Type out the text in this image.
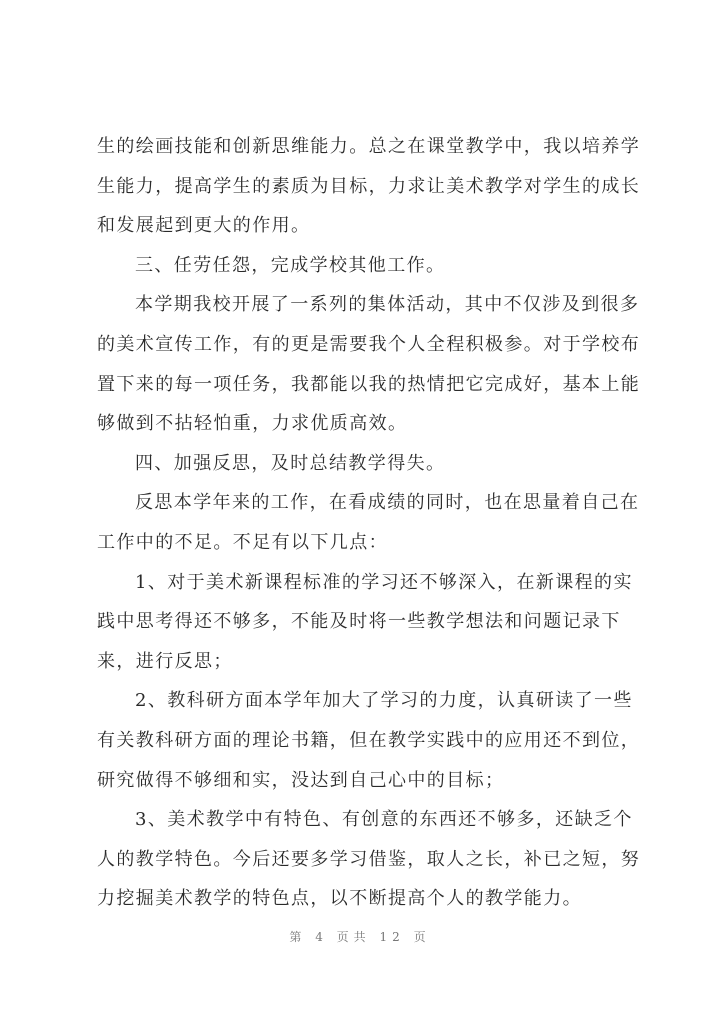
生的绘画技能和创新思维能力。总之在课堂教学中，我以培养学
生能力，提高学生的素质为目标，力求让美术教学对学生的成长
和发展起到更大的作用。
三、任劳任怨，完成学校其他工作。
本学期我校开展了一系列的集体活动，其中不仅涉及到很多
的美术宣传工作，有的更是需要我个人全程积极参。对于学校布
置下来的每一项任务，我都能以我的热情把它完成好，基本上能
够做到不拈轻怕重，力求优质高效。
四、加强反思，及时总结教学得失。
反思本学年来的工作，在看成绩的同时，也在思量着自己在
工作中的不足。不足有以下几点：
1、对于美术新课程标准的学习还不够深入，在新课程的实
践中思考得还不够多，不能及时将一些教学想法和问题记录下
来，进行反思；
2、教科研方面本学年加大了学习的力度，认真研读了一些
有关教科研方面的理论书籍，但在教学实践中的应用还不到位，
研究做得不够细和实，没达到自己心中的目标；
3、美术教学中有特色、有创意的东西还不够多，还缺乏个
人的教学特色。今后还要多学习借鉴，取人之长，补已之短，努
力挖掘美术教学的特色点，以不断提高个人的教学能力。
第 4 页共 12 页
